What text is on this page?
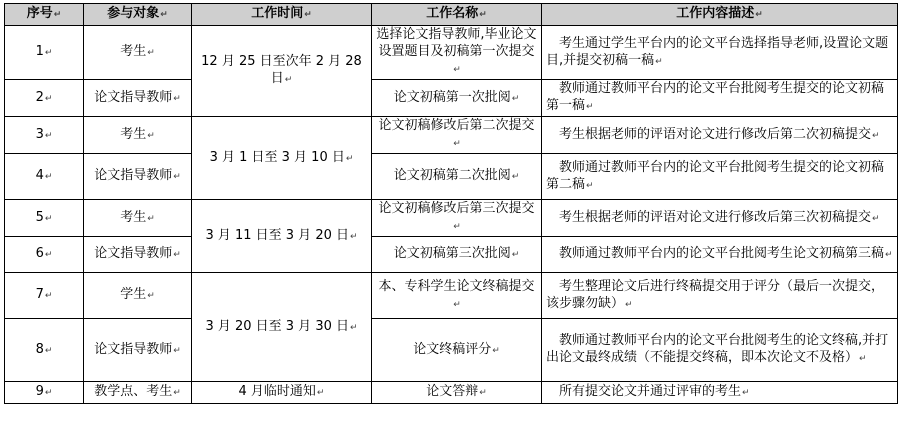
序号↵	参与对象↵	工作时间↵	工作名称↵	工作内容描述↵
1↵	考生↵	12 月 25 日至次年 2 月 28 日↵	选择论文指导教师,毕业论文设置题目及初稿第一次提交↵	 考生通过学生平台内的论文平台选择指导老师,设置论文题目,并提交初稿一稿↵
2↵	论文指导教师↵		论文初稿第一次批阅↵	 教师通过教师平台内的论文平台批阅考生提交的论文初稿第一稿↵
3↵	考生↵	3 月 1 日至 3 月 10 日↵	论文初稿修改后第二次提交↵	 考生根据老师的评语对论文进行修改后第二次初稿提交↵
4↵	论文指导教师↵		论文初稿第二次批阅↵	 教师通过教师平台内的论文平台批阅考生提交的论文初稿第二稿↵
5↵	考生↵	3 月 11 日至 3 月 20 日↵	论文初稿修改后第三次提交↵	 考生根据老师的评语对论文进行修改后第三次初稿提交↵
6↵	论文指导教师↵		论文初稿第三次批阅↵	 教师通过教师平台内的论文平台批阅考生论文初稿第三稿↵
7↵	学生↵	3 月 20 日至 3 月 30 日↵	本、专科学生论文终稿提交↵	 考生整理论文后进行终稿提交用于评分（最后一次提交，该步骤勿缺）↵
8↵	论文指导教师↵		论文终稿评分↵	 教师通过教师平台内的论文平台批阅考生的论文终稿,并打出论文最终成绩（不能提交终稿，即本次论文不及格）↵
9↵	教学点、考生↵	4 月临时通知↵	论文答辩↵	 所有提交论文并通过评审的考生↵
